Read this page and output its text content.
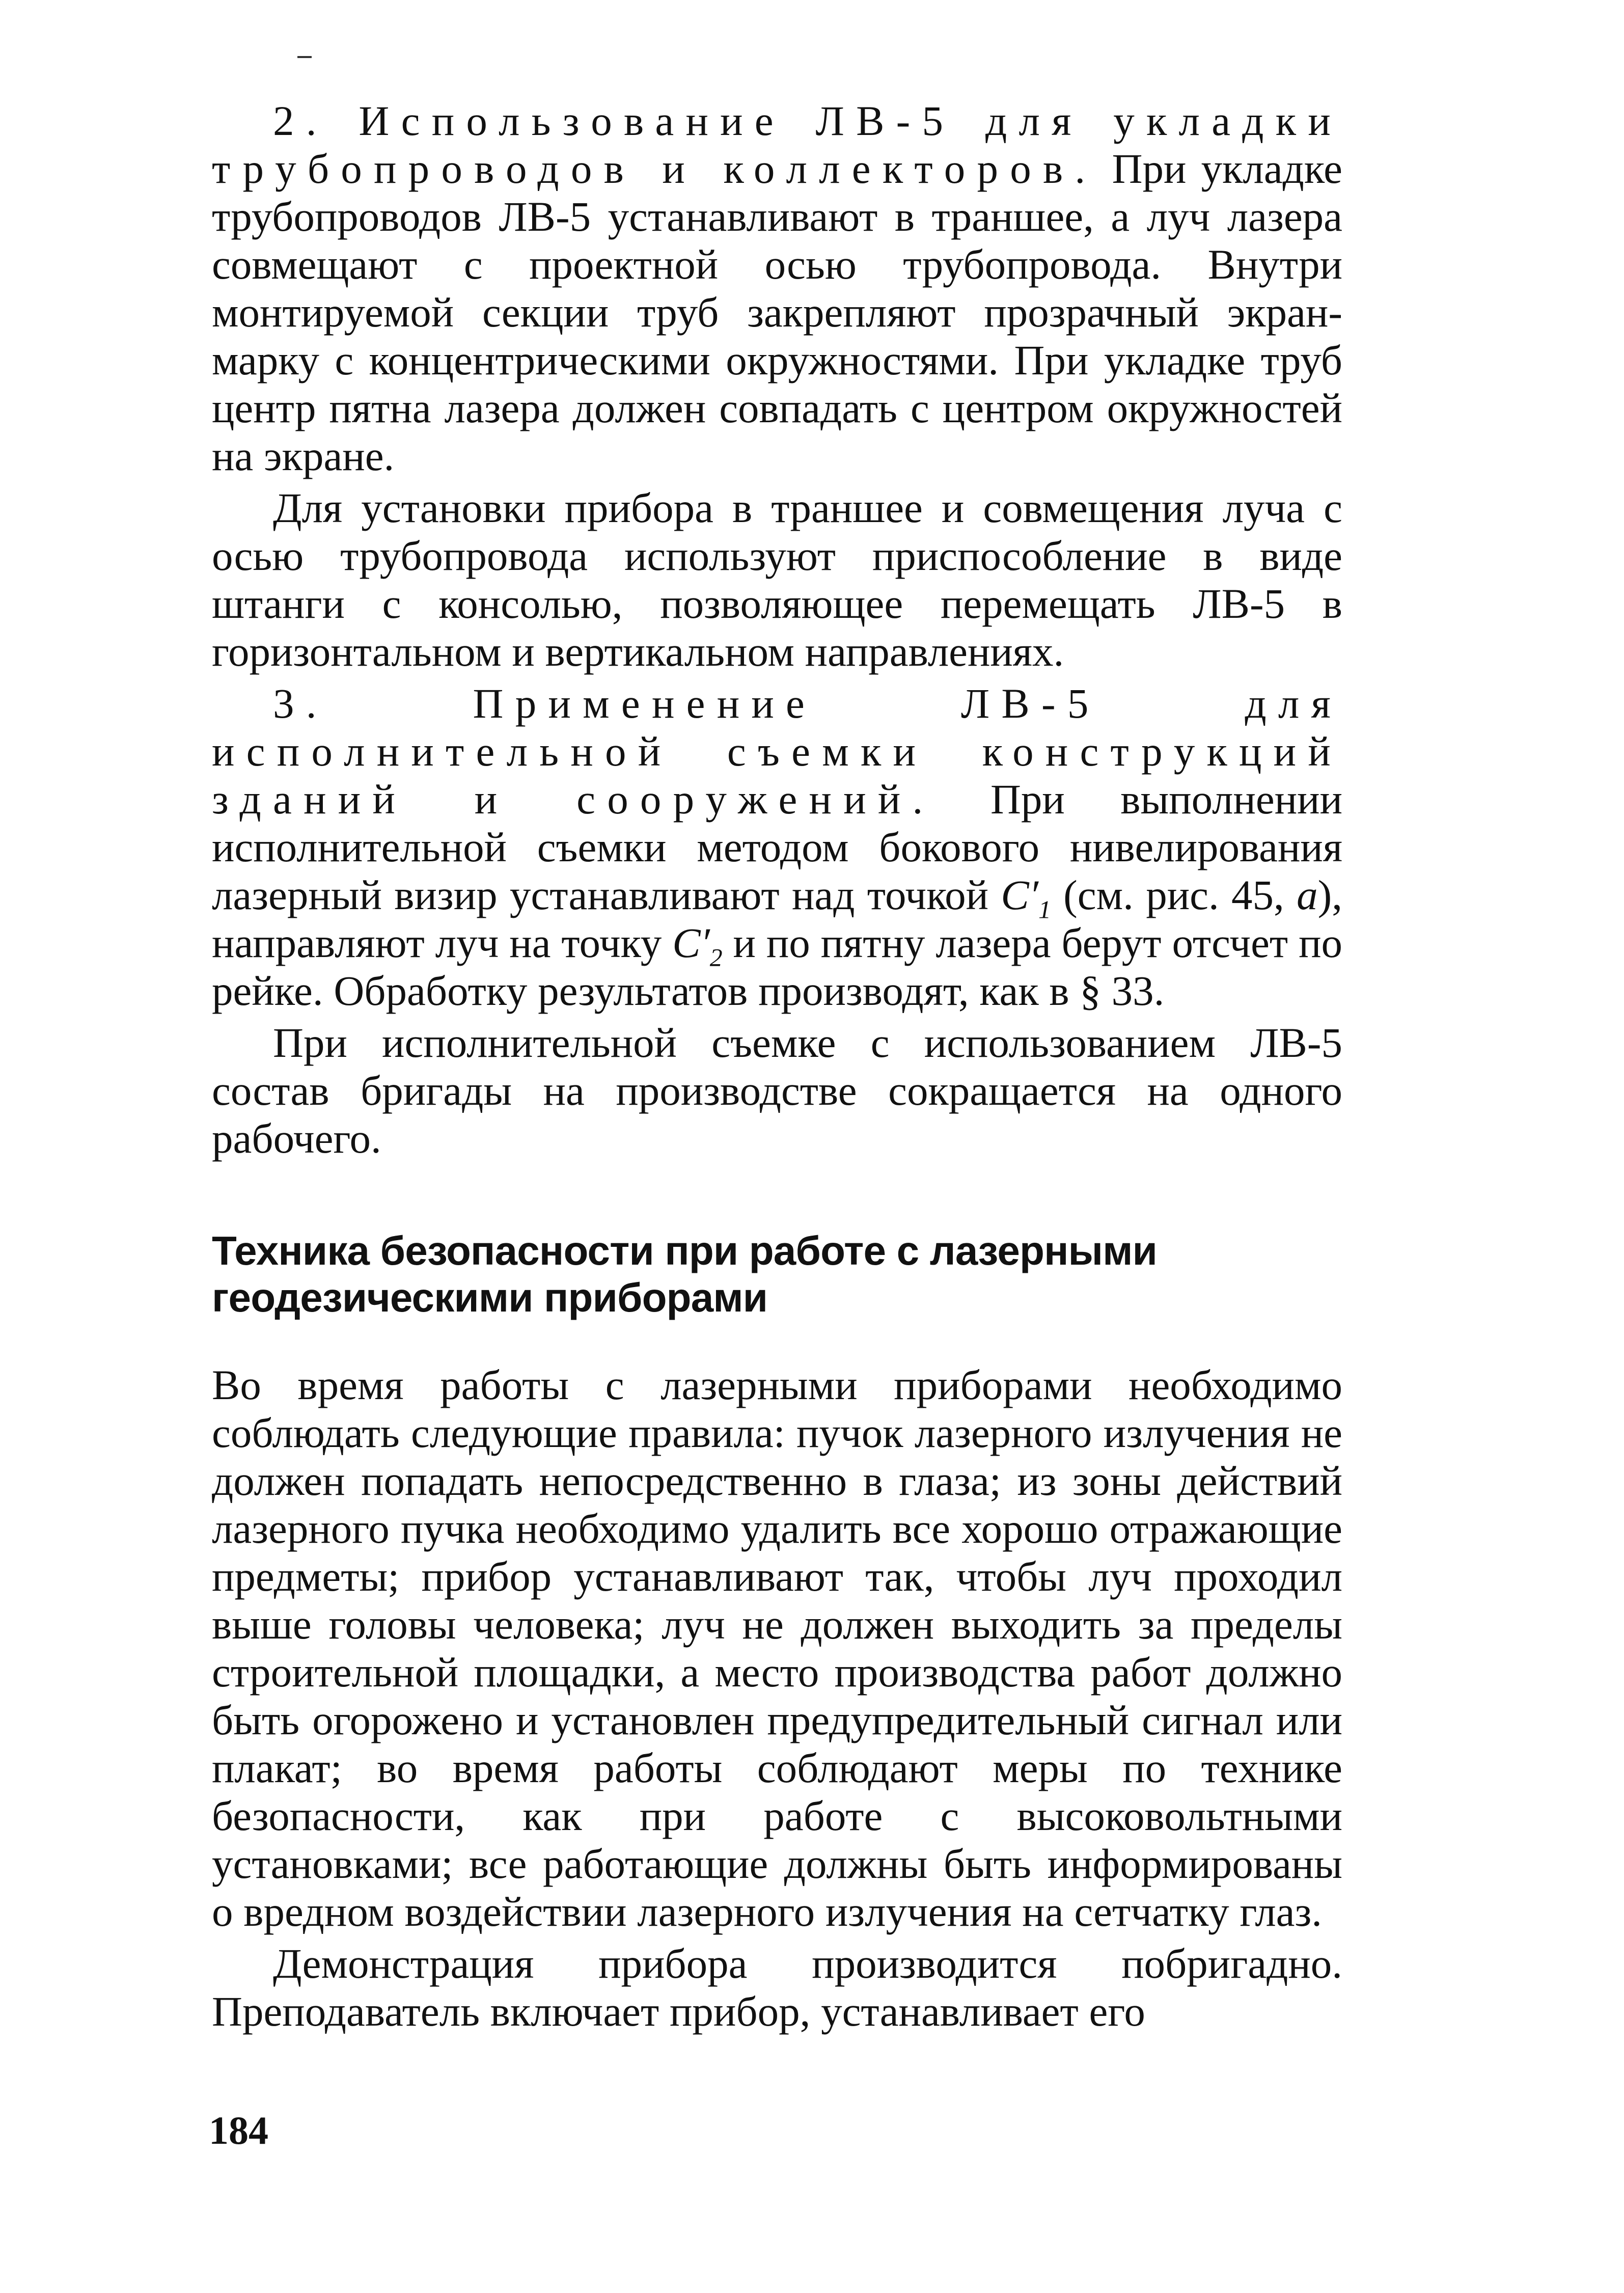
2. Использование ЛВ-5 для укладки трубопроводов и коллекторов. При укладке трубопроводов ЛВ-5 устанавливают в траншее, а луч лазера совмещают с проектной осью трубопровода. Внутри монтируемой секции труб закрепляют прозрачный экран-марку с концентрическими окружностями. При укладке труб центр пятна лазера должен совпадать с центром окружностей на экране.

Для установки прибора в траншее и совмещения луча с осью трубопровода используют приспособление в виде штанги с консолью, позволяющее перемещать ЛВ-5 в горизонтальном и вертикальном направлениях.

3. Применение ЛВ-5 для исполнительной съемки конструкций зданий и сооружений. При выполнении исполнительной съемки методом бокового нивелирования лазерный визир устанавливают над точкой $C'_1$ (см. рис. 45, а), направляют луч на точку $C'_2$ и по пятну лазера берут отсчет по рейке. Обработку результатов производят, как в § 33.

При исполнительной съемке с использованием ЛВ-5 состав бригады на производстве сокращается на одного рабочего.

Техника безопасности при работе с лазерными геодезическими приборами

Во время работы с лазерными приборами необходимо соблюдать следующие правила: пучок лазерного излучения не должен попадать непосредственно в глаза; из зоны действий лазерного пучка необходимо удалить все хорошо отражающие предметы; прибор устанавливают так, чтобы луч проходил выше головы человека; луч не должен выходить за пределы строительной площадки, а место производства работ должно быть огорожено и установлен предупредительный сигнал или плакат; во время работы соблюдают меры по технике безопасности, как при работе с высоковольтными установками; все работающие должны быть информированы о вредном воздействии лазерного излучения на сетчатку глаз.

Демонстрация прибора производится побригадно. Преподаватель включает прибор, устанавливает его

184
